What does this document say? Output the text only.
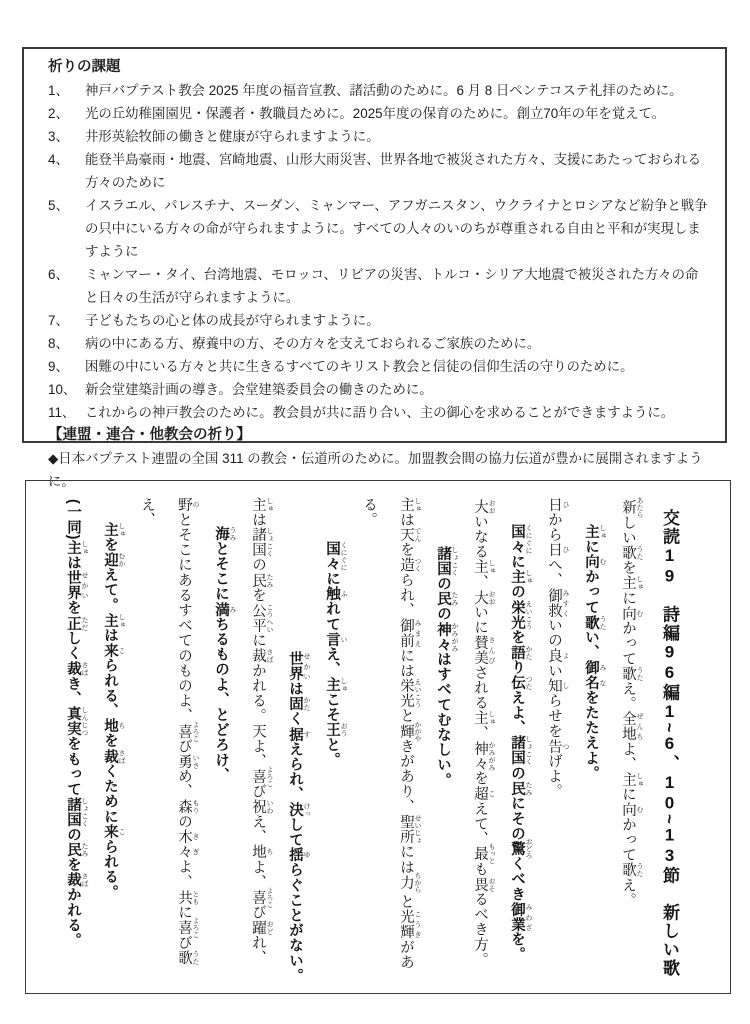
祈りの課題
1、	神戸バプテスト教会 2025 年度の福音宣教、諸活動のために。6 月 8 日ペンテコステ礼拝のために。
2、	光の丘幼稚園園児・保護者・教職員ために。2025年度の保育のために。創立70年の年を覚えて。
3、	井形英絵牧師の働きと健康が守られますように。
4、	能登半島豪雨・地震、宮崎地震、山形大雨災害、世界各地で被災された方々、支援にあたっておられる方々のために
5、	イスラエル、パレスチナ、スーダン、ミャンマー、アフガニスタン、ウクライナとロシアなど紛争と戦争の只中にいる方々の命が守られますように。すべての人々のいのちが尊重される自由と平和が実現しますように
6、	ミャンマー・タイ、台湾地震、モロッコ、リビアの災害、トルコ・シリア大地震で被災された方々の命と日々の生活が守られますように。
7、	子どもたちの心と体の成長が守られますように。
8、	病の中にある方、療養中の方、その方々を支えておられるご家族のために。
9、	困難の中にいる方々と共に生きるすべてのキリスト教会と信徒の信仰生活の守りのために。
10、 新会堂建築計画の導き。会堂建築委員会の働きのために。
11、 これからの神戸教会のために。教会員が共に語り合い、主の御心を求めることができますように。
【連盟・連合・他教会の祈り】
◆日本バプテスト連盟の全国 311 の教会・伝道所のために。加盟教会間の協力伝道が豊かに展開されますように。
交読19　詩編96編1~6、10~13節　新しい歌
新 あたらしい歌 うたを主 しゅに向 むかって歌 うたえ。全地 ぜんちよ、主 しゅに向 むかって歌 うたえ。
主 しゅに向 むかって歌 うたい、御名 みなをたたえよ。
日 ひから日 ひへ、御救 みすくいの良 よい知 しらせを告 つげよ。
国々 くにぐにに主 しゅの栄光 えいこうを語 かたり伝 つたえよ、諸国 しょこくの民 たみにその驚 おどろくべき御業 みわざを。
大 おおいなる主 しゅ、大 おおいに賛美 さんびされる主 しゅ、神々 かみがみを超 こえて、最 もっとも畏 おそるべき方。
諸国 しょこくの民 たみの神々 かみがみはすべてむなしい。
主 しゅは天 てんを造 つくられ、御前 みまえには栄光 えいこうと輝 かがやきがあり、聖所 せいじょには力 ちから と光輝 こうきがある。
国々 くにぐにに触 ふれて言 いえ、主 しゅこそ王 おうと。
世界 せかいは固 かたく据 すえられ、決 けっして揺 ゆらぐことがない。
主 しゅは諸国 しょこくの民 たみを公平 こうへいに裁 さばかれる。天よ、喜 よろこび祝 いわえ、地 ちよ、喜 よろこび躍 おどれ、
海 うみとそこに満 みちるものよ、とどろけ、
野 のとそこにあるすべてのものよ、喜 よろこび勇 いさめ、森 もりの木々 きぎよ、共 ともに喜 よろこび歌 うたえ、
主 しゅを迎 むかえて。主 しゅは来 こられる、地 ちを裁 さばくために来 こられる。
(一同)主 しゅは世界 せかいを正 ただしく裁 さばき、真実 しんじつをもって諸国 しょこくの民 たみを裁 さばかれる。
